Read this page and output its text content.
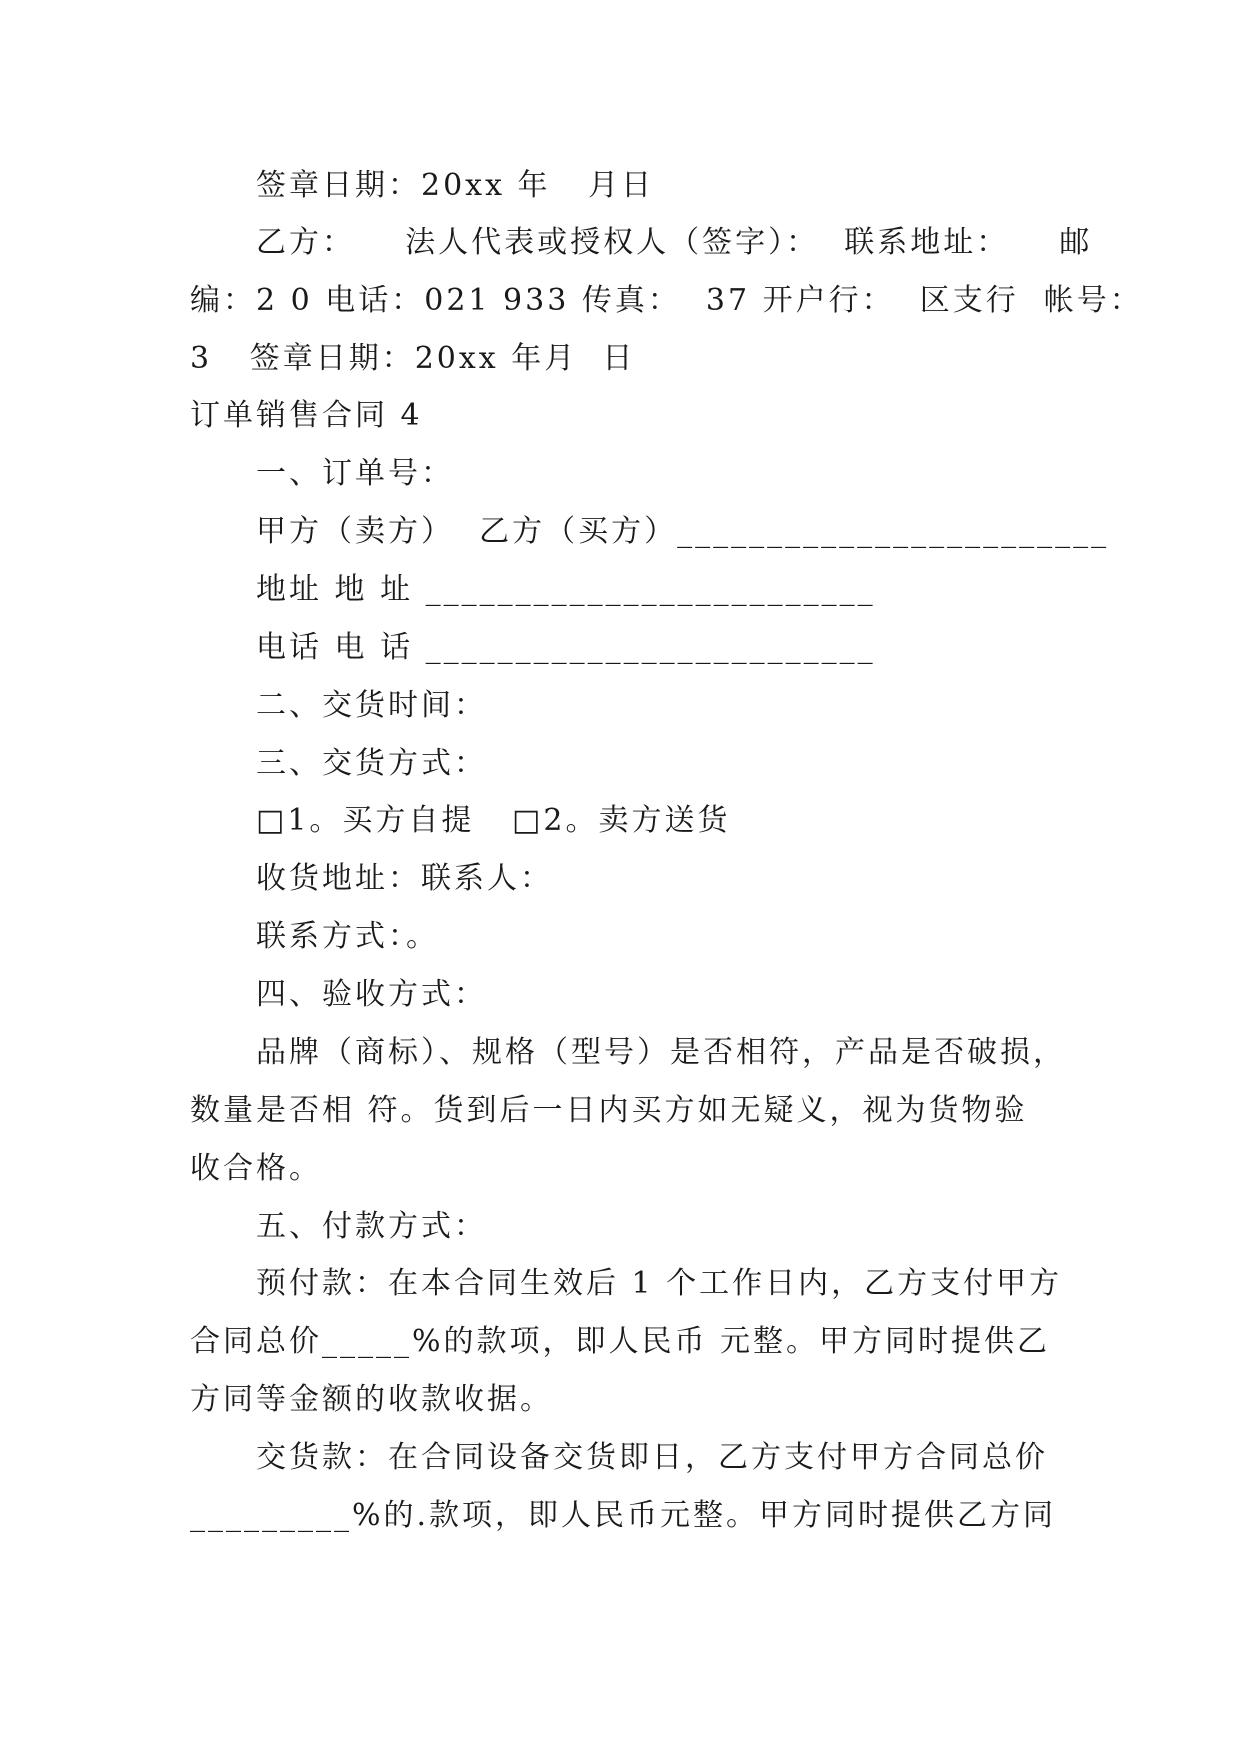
签章日期：20xx 年   月日
乙方：    法人代表或授权人（签字）：  联系地址：    邮
编：2 0 电话：021 933 传真：  37 开户行：  区支行  帐号：
3   签章日期：20xx 年月  日
订单销售合同 4
一、订单号：
甲方（卖方）  乙方（买方）________________________
地址 地 址 _________________________
电话 电 话 _________________________
二、交货时间：
三、交货方式：
□1。买方自提   □2。卖方送货
收货地址：联系人：
联系方式：。
四、验收方式：
品牌（商标）、规格（型号）是否相符，产品是否破损，
数量是否相 符。货到后一日内买方如无疑义，视为货物验
收合格。
五、付款方式：
预付款：在本合同生效后 1 个工作日内，乙方支付甲方
合同总价_____%的款项，即人民币 元整。甲方同时提供乙
方同等金额的收款收据。
交货款：在合同设备交货即日，乙方支付甲方合同总价
_________%的.款项，即人民币元整。甲方同时提供乙方同
